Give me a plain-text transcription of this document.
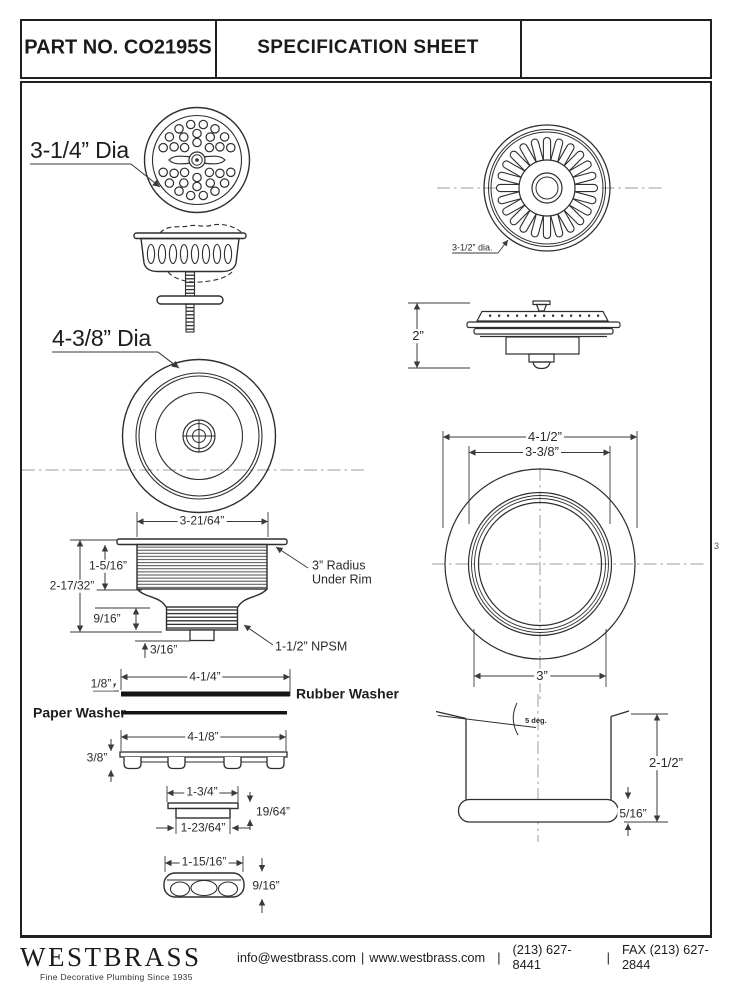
PART NO. CO2195S SPECIFICATION SHEET
3-1/4” Dia
4-3/8” Dia
3-21/64”
1-5/16”
2-17/32”
9/16”
3/16”
3” Radius
Under Rim
1-1/2” NPSM
1/8”	4-1/4”
Rubber Washer
Paper Washer
4-1/8”
3/8”
1-3/4”
19/64”
1-23/64”
1-15/16”
9/16”
3-1/2” dia.
2”
4-1/2”
3-3/8”
3”
5 deg.
2-1/2”
5/16”
3
WESTBRASS
Fine Decorative Plumbing Since 1935
info@westbrass.com | www.westbrass.com | (213) 627-8441	| FAX (213) 627-2844
